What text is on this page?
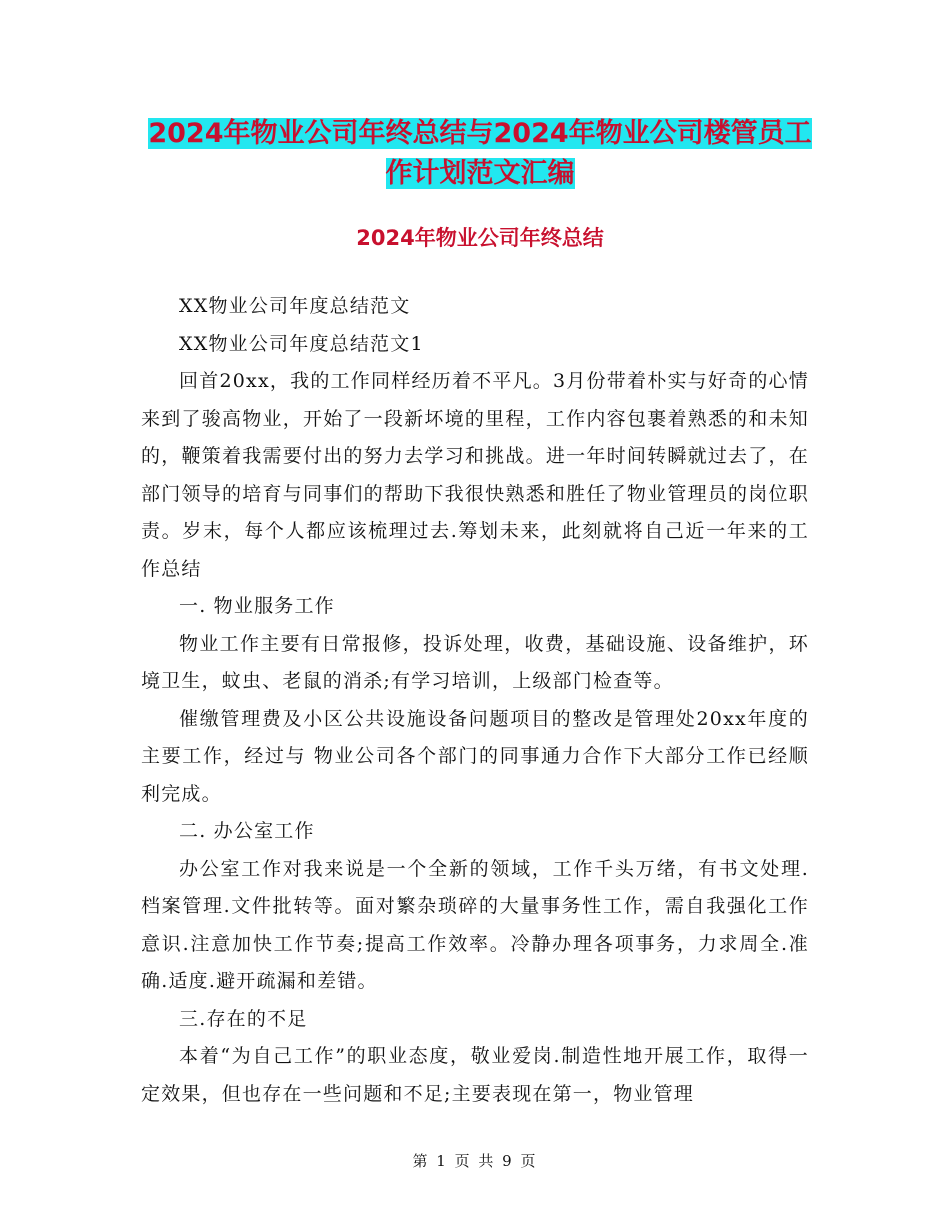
2024年物业公司年终总结与2024年物业公司楼管员工
作计划范文汇编
2024年物业公司年终总结

XX物业公司年度总结范文

XX物业公司年度总结范文1

回首20xx，我的工作同样经历着不平凡。3月份带着朴实与好奇的心情来到了骏高物业，开始了一段新坏境的里程，工作内容包裹着熟悉的和未知的，鞭策着我需要付出的努力去学习和挑战。进一年时间转瞬就过去了，在部门领导的培育与同事们的帮助下我很快熟悉和胜任了物业管理员的岗位职责。岁末，每个人都应该梳理过去.筹划未来，此刻就将自己近一年来的工作总结

一. 物业服务工作

物业工作主要有日常报修，投诉处理，收费，基础设施、设备维护，环境卫生，蚊虫、老鼠的消杀;有学习培训，上级部门检查等。

催缴管理费及小区公共设施设备问题项目的整改是管理处20xx年度的主要工作，经过与 物业公司各个部门的同事通力合作下大部分工作已经顺利完成。

二. 办公室工作

办公室工作对我来说是一个全新的领域，工作千头万绪，有书文处理.档案管理.文件批转等。面对繁杂琐碎的大量事务性工作，需自我强化工作意识.注意加快工作节奏;提高工作效率。冷静办理各项事务，力求周全.准确.适度.避开疏漏和差错。

三.存在的不足

本着“为自己工作”的职业态度，敬业爱岗.制造性地开展工作，取得一定效果，但也存在一些问题和不足;主要表现在第一，物业管理

第 1 页 共 9 页
